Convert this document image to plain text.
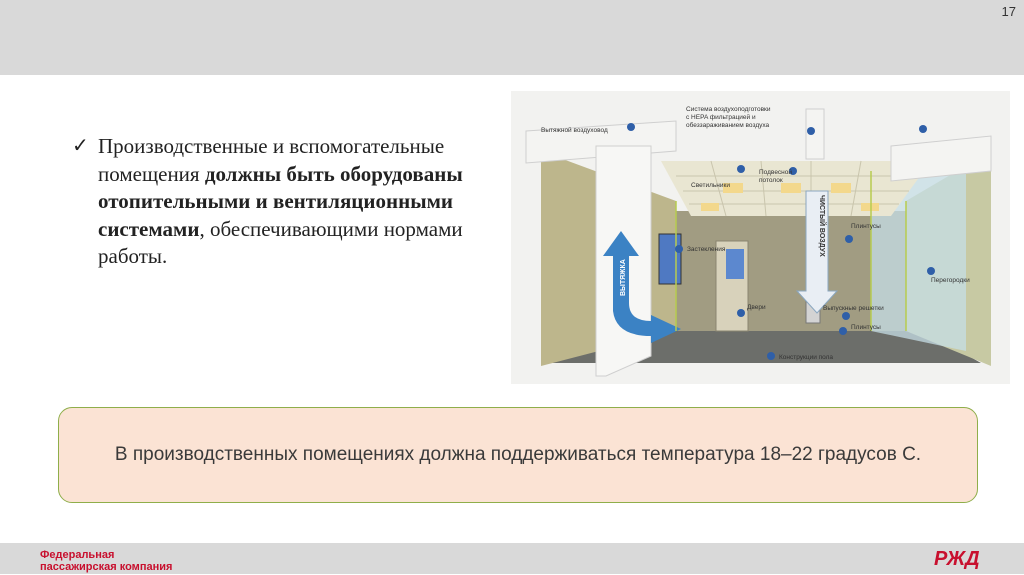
17
✓ Производственные и вспомогательные помещения должны быть оборудованы отопительными и вентиляционными системами, обеспечивающими нормами работы.
Вытяжной воздуховод
Система воздухоподготовки
с HEPA фильтрацией и
обеззараживанием воздуха
Светильники
Подвесной
потолок
Плинтусы
Застекления
Перегородки
Двери	Выпускные решетки
Плинтусы
Конструкции пола
ЧИСТЫЙ ВОЗДУХ
ВЫТЯЖКА
В производственных помещениях должна поддерживаться температура 18–22 градусов С.
Федеральная
пассажирская компания	РЖД
